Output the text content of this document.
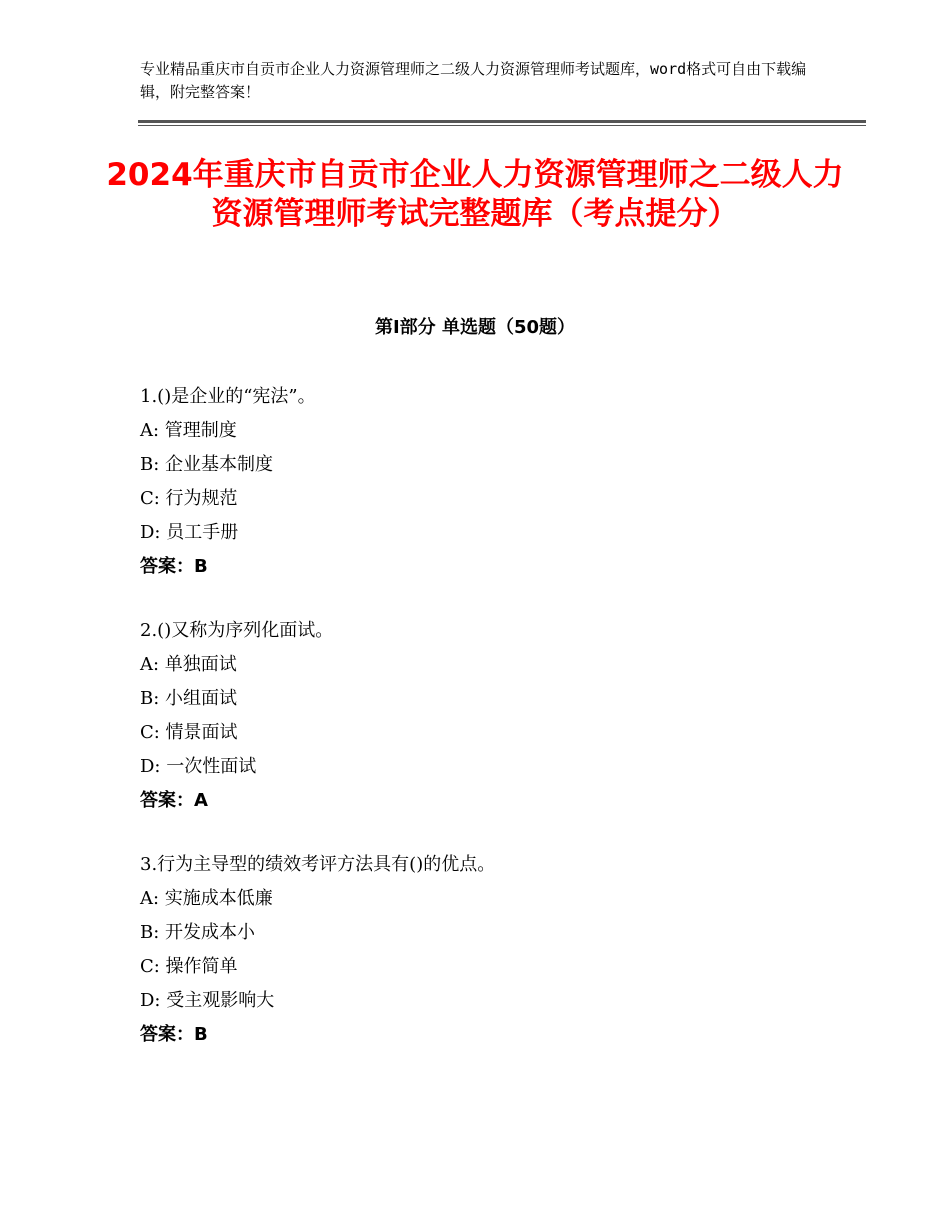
专业精品重庆市自贡市企业人力资源管理师之二级人力资源管理师考试题库，word格式可自由下载编辑，附完整答案！
2024年重庆市自贡市企业人力资源管理师之二级人力资源管理师考试完整题库（考点提分）
第Ⅰ部分 单选题（50题）
1.()是企业的“宪法”。
A: 管理制度
B: 企业基本制度
C: 行为规范
D: 员工手册
答案：B
2.()又称为序列化面试。
A: 单独面试
B: 小组面试
C: 情景面试
D: 一次性面试
答案：A
3.行为主导型的绩效考评方法具有()的优点。
A: 实施成本低廉
B: 开发成本小
C: 操作简单
D: 受主观影响大
答案：B
